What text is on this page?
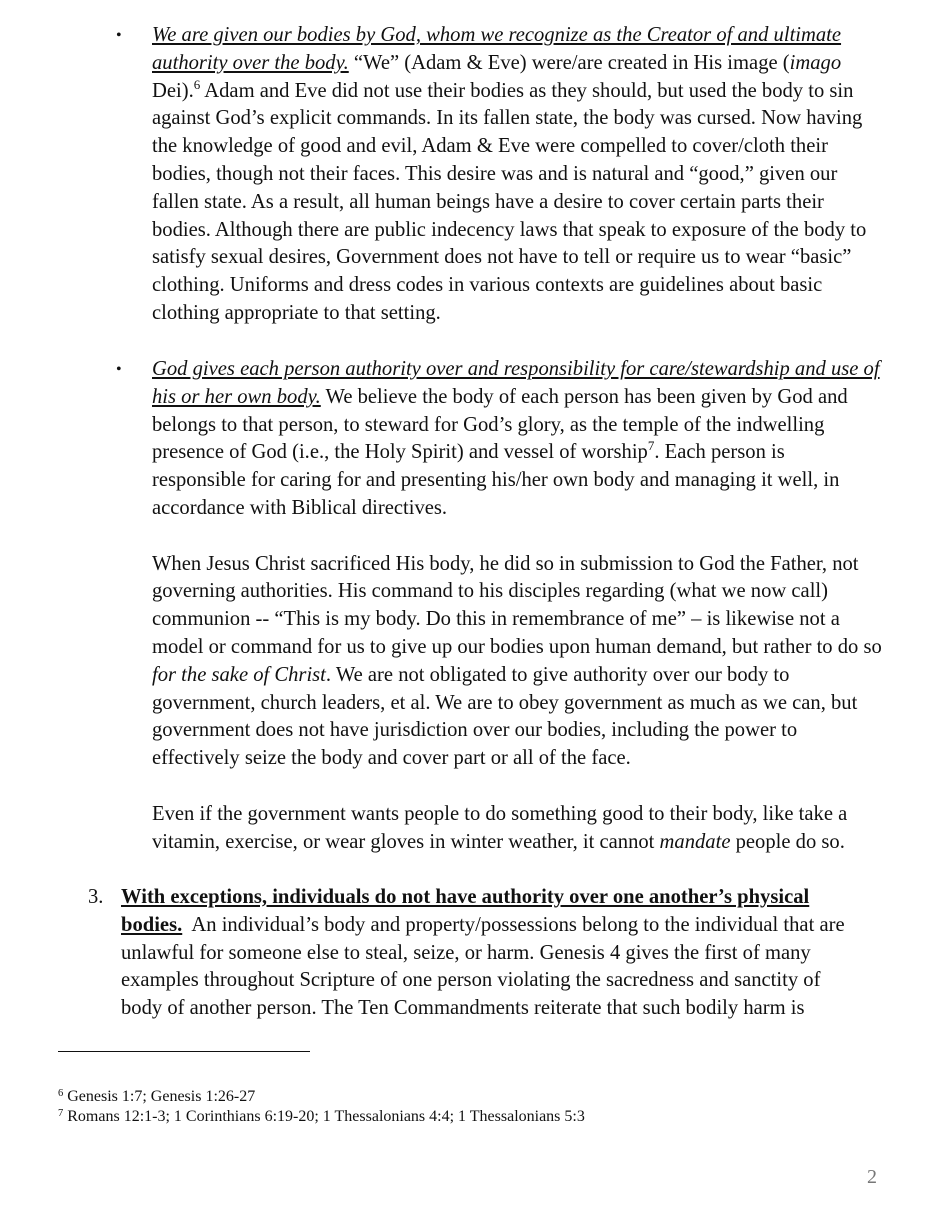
• We are given our bodies by God, whom we recognize as the Creator of and ultimate authority over the body. “We” (Adam & Eve) were/are created in His image (imago Dei).$^6$ Adam and Eve did not use their bodies as they should, but used the body to sin against God’s explicit commands. In its fallen state, the body was cursed. Now having the knowledge of good and evil, Adam & Eve were compelled to cover/cloth their bodies, though not their faces. This desire was and is natural and “good,” given our fallen state. As a result, all human beings have a desire to cover certain parts their bodies. Although there are public indecency laws that speak to exposure of the body to satisfy sexual desires, Government does not have to tell or require us to wear “basic” clothing. Uniforms and dress codes in various contexts are guidelines about basic clothing appropriate to that setting.

• God gives each person authority over and responsibility for care/stewardship and use of his or her own body. We believe the body of each person has been given by God and belongs to that person, to steward for God’s glory, as the temple of the indwelling presence of God (i.e., the Holy Spirit) and vessel of worship$^7$. Each person is responsible for caring for and presenting his/her own body and managing it well, in accordance with Biblical directives.

When Jesus Christ sacrificed His body, he did so in submission to God the Father, not governing authorities. His command to his disciples regarding (what we now call) communion -- “This is my body. Do this in remembrance of me” – is likewise not a model or command for us to give up our bodies upon human demand, but rather to do so for the sake of Christ. We are not obligated to give authority over our body to government, church leaders, et al. We are to obey government as much as we can, but government does not have jurisdiction over our bodies, including the power to effectively seize the body and cover part or all of the face.

Even if the government wants people to do something good to their body, like take a vitamin, exercise, or wear gloves in winter weather, it cannot mandate people do so.

3. With exceptions, individuals do not have authority over one another’s physical bodies.  An individual’s body and property/possessions belong to the individual that are unlawful for someone else to steal, seize, or harm. Genesis 4 gives the first of many examples throughout Scripture of one person violating the sacredness and sanctity of body of another person. The Ten Commandments reiterate that such bodily harm is

$^6$ Genesis 1:7; Genesis 1:26-27

$^7$ Romans 12:1-3; 1 Corinthians 6:19-20; 1 Thessalonians 4:4; 1 Thessalonians 5:3

2
